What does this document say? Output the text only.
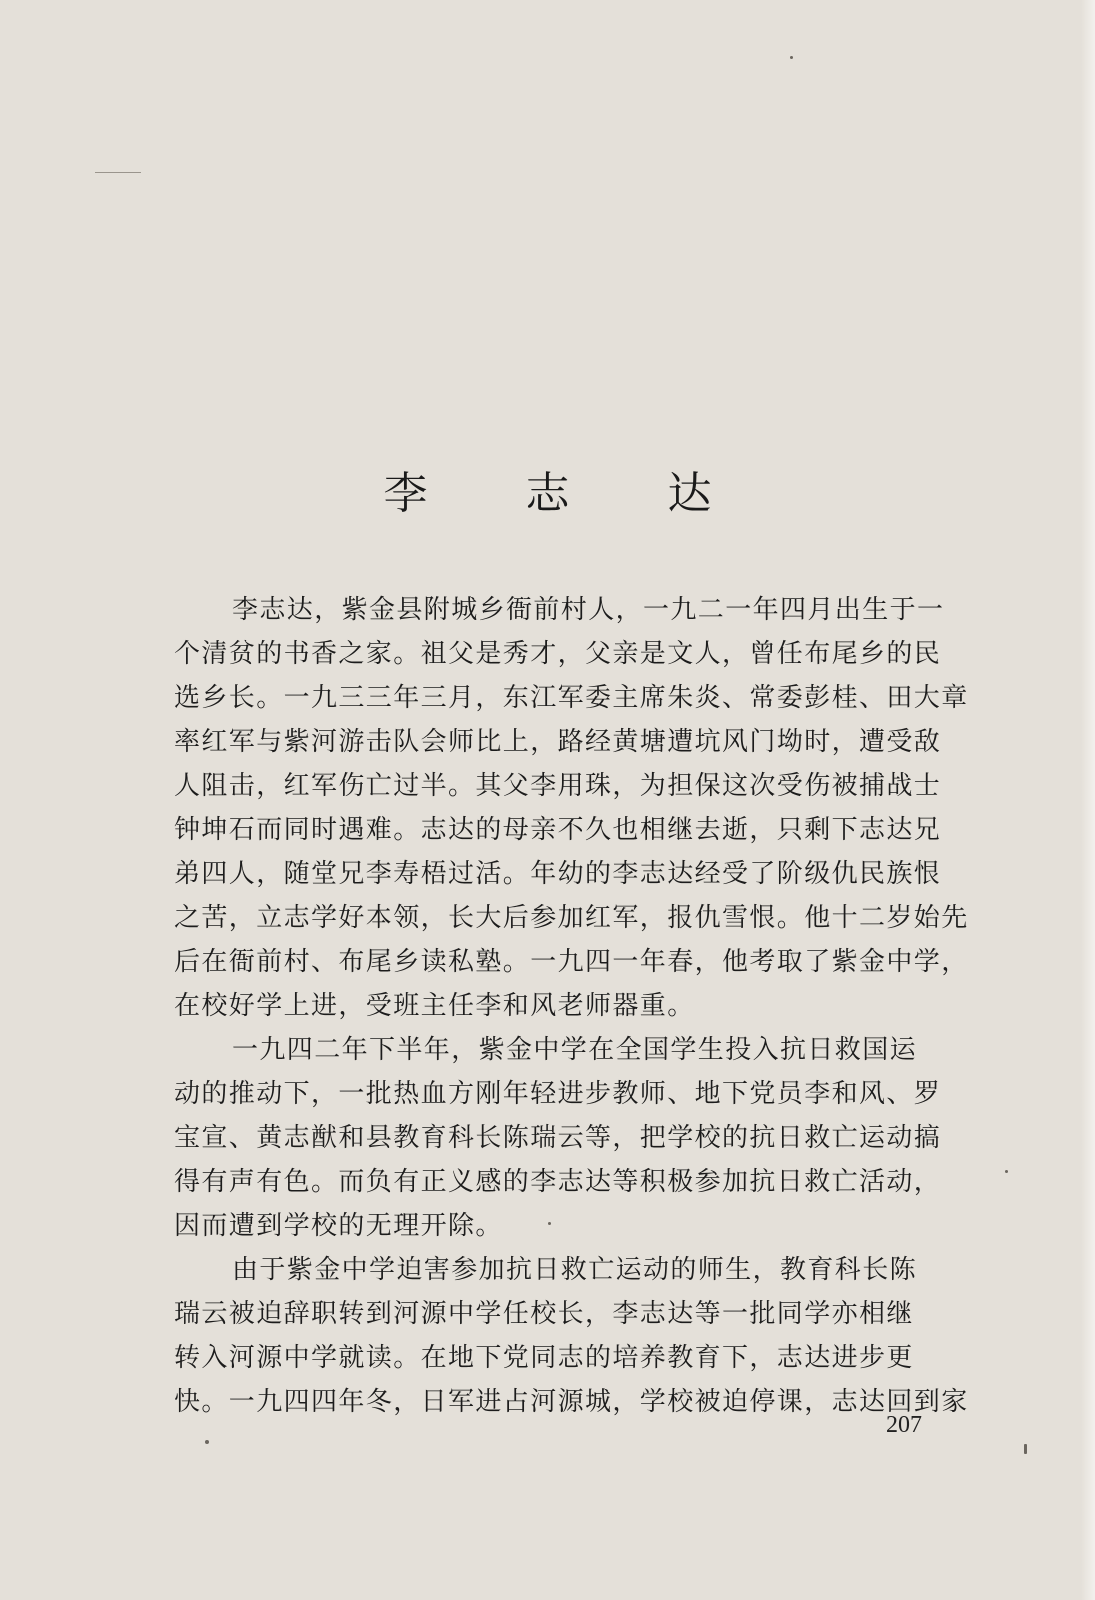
李 志 达
李志达，紫金县附城乡衙前村人，一九二一年四月出生于一
个清贫的书香之家。祖父是秀才，父亲是文人，曾任布尾乡的民
选乡长。一九三三年三月，东江军委主席朱炎、常委彭桂、田大章
率红军与紫河游击队会师比上，路经黄塘遭坑风门坳时，遭受敌
人阻击，红军伤亡过半。其父李用珠，为担保这次受伤被捕战士
钟坤石而同时遇难。志达的母亲不久也相继去逝，只剩下志达兄
弟四人，随堂兄李寿梧过活。年幼的李志达经受了阶级仇民族恨
之苦，立志学好本领，长大后参加红军，报仇雪恨。他十二岁始先
后在衙前村、布尾乡读私塾。一九四一年春，他考取了紫金中学，
在校好学上进，受班主任李和风老师器重。
一九四二年下半年，紫金中学在全国学生投入抗日救国运
动的推动下，一批热血方刚年轻进步教师、地下党员李和风、罗
宝宣、黄志猷和县教育科长陈瑞云等，把学校的抗日救亡运动搞
得有声有色。而负有正义感的李志达等积极参加抗日救亡活动，
因而遭到学校的无理开除。
由于紫金中学迫害参加抗日救亡运动的师生，教育科长陈
瑞云被迫辞职转到河源中学任校长，李志达等一批同学亦相继
转入河源中学就读。在地下党同志的培养教育下，志达进步更
快。一九四四年冬，日军进占河源城，学校被迫停课，志达回到家
207
